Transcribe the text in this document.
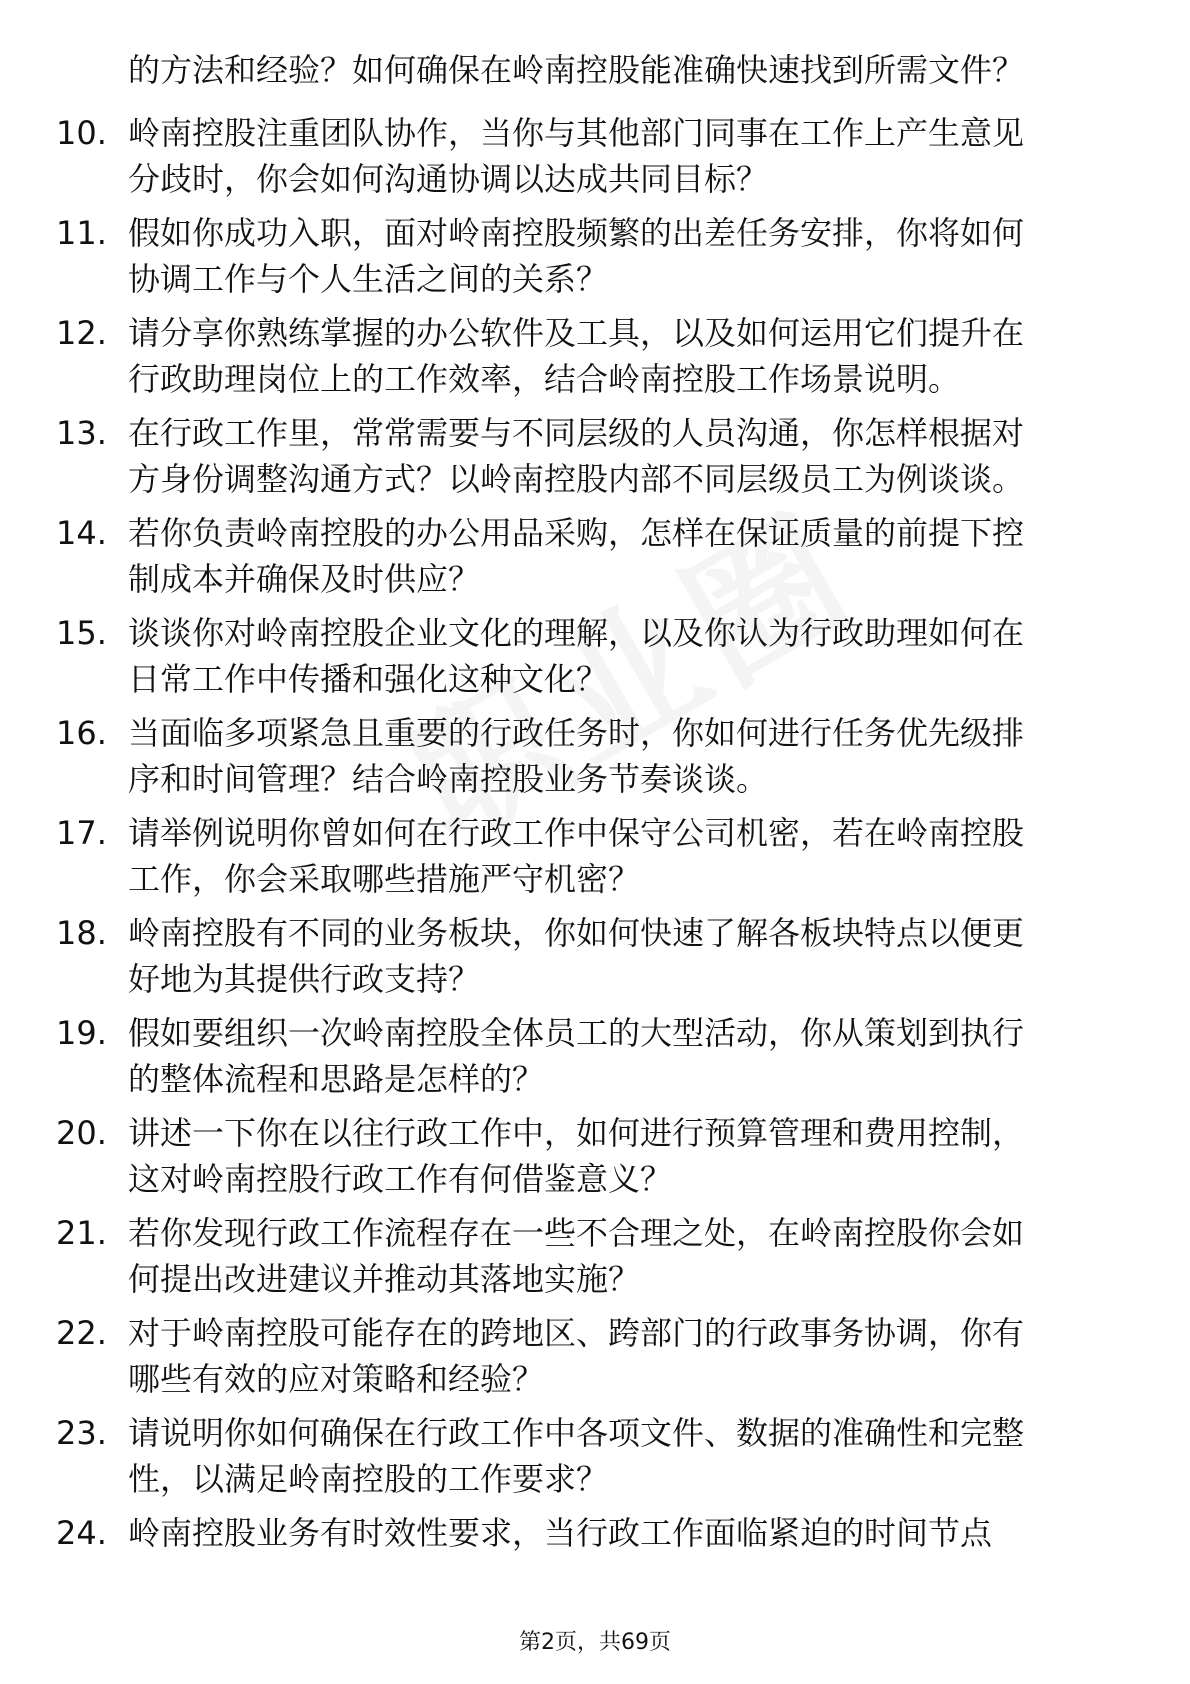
的方法和经验？如何确保在岭南控股能准确快速找到所需文件？
10. 岭南控股注重团队协作，当你与其他部门同事在工作上产生意见
分歧时，你会如何沟通协调以达成共同目标？
11. 假如你成功入职，面对岭南控股频繁的出差任务安排，你将如何
协调工作与个人生活之间的关系？
12. 请分享你熟练掌握的办公软件及工具，以及如何运用它们提升在
行政助理岗位上的工作效率，结合岭南控股工作场景说明。
13. 在行政工作里，常常需要与不同层级的人员沟通，你怎样根据对
方身份调整沟通方式？以岭南控股内部不同层级员工为例谈谈。
14. 若你负责岭南控股的办公用品采购，怎样在保证质量的前提下控
制成本并确保及时供应？
15. 谈谈你对岭南控股企业文化的理解，以及你认为行政助理如何在
日常工作中传播和强化这种文化？
16. 当面临多项紧急且重要的行政任务时，你如何进行任务优先级排
序和时间管理？结合岭南控股业务节奏谈谈。
17. 请举例说明你曾如何在行政工作中保守公司机密，若在岭南控股
工作，你会采取哪些措施严守机密？
18. 岭南控股有不同的业务板块，你如何快速了解各板块特点以便更
好地为其提供行政支持？
19. 假如要组织一次岭南控股全体员工的大型活动，你从策划到执行
的整体流程和思路是怎样的？
20. 讲述一下你在以往行政工作中，如何进行预算管理和费用控制，
这对岭南控股行政工作有何借鉴意义？
21. 若你发现行政工作流程存在一些不合理之处，在岭南控股你会如
何提出改进建议并推动其落地实施？
22. 对于岭南控股可能存在的跨地区、跨部门的行政事务协调，你有
哪些有效的应对策略和经验？
23. 请说明你如何确保在行政工作中各项文件、数据的准确性和完整
性，以满足岭南控股的工作要求？
24. 岭南控股业务有时效性要求，当行政工作面临紧迫的时间节点
第2页，共69页
